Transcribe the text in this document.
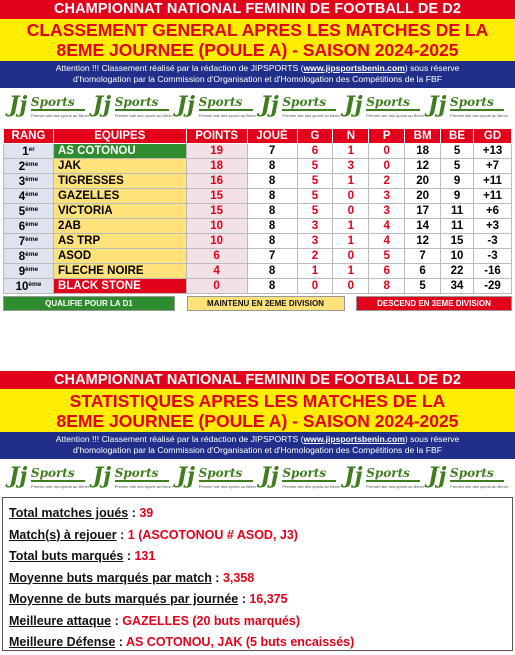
CHAMPIONNAT NATIONAL FEMININ DE FOOTBALL DE D2
CLASSEMENT GENERAL APRES LES MATCHES DE LA
8EME JOURNEE (POULE A) - SAISON 2024-2025
Attention !!! Classement réalisé par la rédaction de JIPSPORTS (www.jipsportsbenin.com) sous réserve
d'homologation par la Commission d'Organisation et d'Homologation des Compétitions de la FBF
Jj Sports
Premier site des sports au Bénin Jj Sports
Premier site des sports au Bénin Jj Sports
Premier site des sports au Bénin Jj Sports
Premier site des sports au Bénin Jj Sports
Premier site des sports au Bénin Jj Sports
Premier site des sports au Bénin
RANG	EQUIPES	POINTS	JOUÉ	G	N	P	BM	BE	GD
1er	AS COTONOU	19	7	6	1	0	18	5	+13
2ème	JAK	18	8	5	3	0	12	5	+7
3ème	TIGRESSES	16	8	5	1	2	20	9	+11
4ème	GAZELLES	15	8	5	0	3	20	9	+11
5ème	VICTORIA	15	8	5	0	3	17	11	+6
6ème	2AB	10	8	3	1	4	14	11	+3
7ème	AS TRP	10	8	3	1	4	12	15	-3
8ème	ASOD	6	7	2	0	5	7	10	-3
9ème	FLECHE NOIRE	4	8	1	1	6	6	22	-16
10ème	BLACK STONE	0	8	0	0	8	5	34	-29
QUALIFIE POUR LA D1	MAINTENU EN 2EME DIVISION	DESCEND EN 3EME DIVISION
CHAMPIONNAT NATIONAL FEMININ DE FOOTBALL DE D2
STATISTIQUES APRES LES MATCHES DE LA
8EME JOURNEE (POULE A) - SAISON 2024-2025
Attention !!! Classement réalisé par la rédaction de JIPSPORTS (www.jipsportsbenin.com) sous réserve
d'homologation par la Commission d'Organisation et d'Homologation des Compétitions de la FBF
Jj Sports
Premier site des sports au Bénin Jj Sports
Premier site des sports au Bénin Jj Sports
Premier site des sports au Bénin Jj Sports
Premier site des sports au Bénin Jj Sports
Premier site des sports au Bénin Jj Sports
Premier site des sports au Bénin
Total matches joués : 39
Match(s) à rejouer : 1 (ASCOTONOU # ASOD, J3)
Total buts marqués : 131
Moyenne buts marqués par match : 3,358
Moyenne de buts marqués par journée : 16,375
Meilleure attaque : GAZELLES (20 buts marqués)
Meilleure Défense : AS COTONOU, JAK (5 buts encaissés)
